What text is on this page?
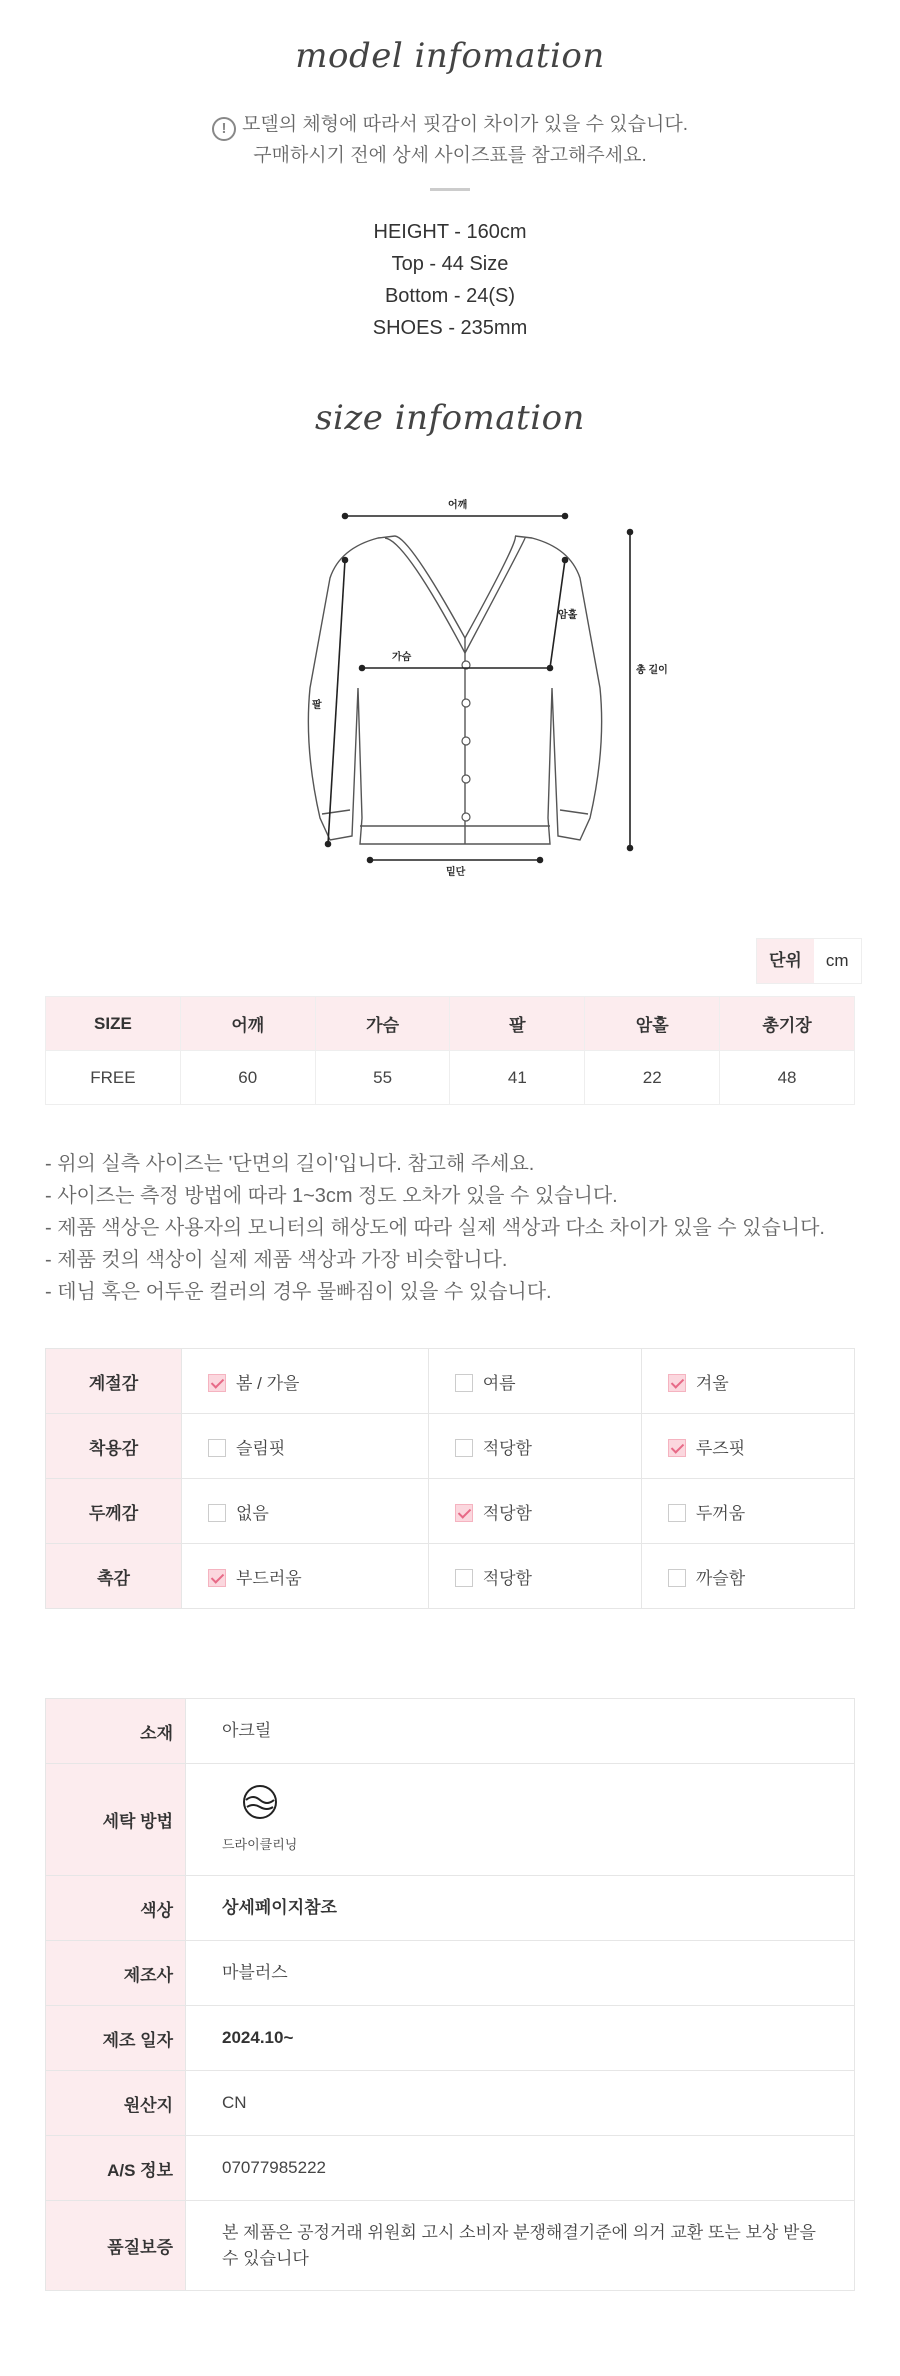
model infomation
! 모델의 체형에 따라서 핏감이 차이가 있을 수 있습니다.
구매하시기 전에 상세 사이즈표를 참고해주세요.
HEIGHT - 160cm
Top - 44 Size
Bottom - 24(S)
SHOES - 235mm
size infomation
어깨
가슴
팔
암홀
총 길이
밑단
단위	cm
SIZE	어깨	가슴	팔	암홀	총기장
FREE	60	55	41	22	48
- 위의 실측 사이즈는 '단면의 길이'입니다. 참고해 주세요.
- 사이즈는 측정 방법에 따라 1~3cm 정도 오차가 있을 수 있습니다.
- 제품 색상은 사용자의 모니터의 해상도에 따라 실제 색상과 다소 차이가 있을 수 있습니다.
- 제품 컷의 색상이 실제 제품 색상과 가장 비슷합니다.
- 데님 혹은 어두운 컬러의 경우 물빠짐이 있을 수 있습니다.
계절감	봄 / 가을	여름	겨울
착용감	슬림핏	적당함	루즈핏
두께감	없음	적당함	두꺼움
촉감	부드러움	적당함	까슬함
소재	아크릴
세탁 방법	드라이클리닝

색상	상세페이지참조
제조사	마블러스
제조 일자	2024.10~
원산지	CN
A/S 정보	07077985222
품질보증	본 제품은 공정거래 위원회 고시 소비자 분쟁해결기준에 의거 교환 또는 보상 받을 수 있습니다
